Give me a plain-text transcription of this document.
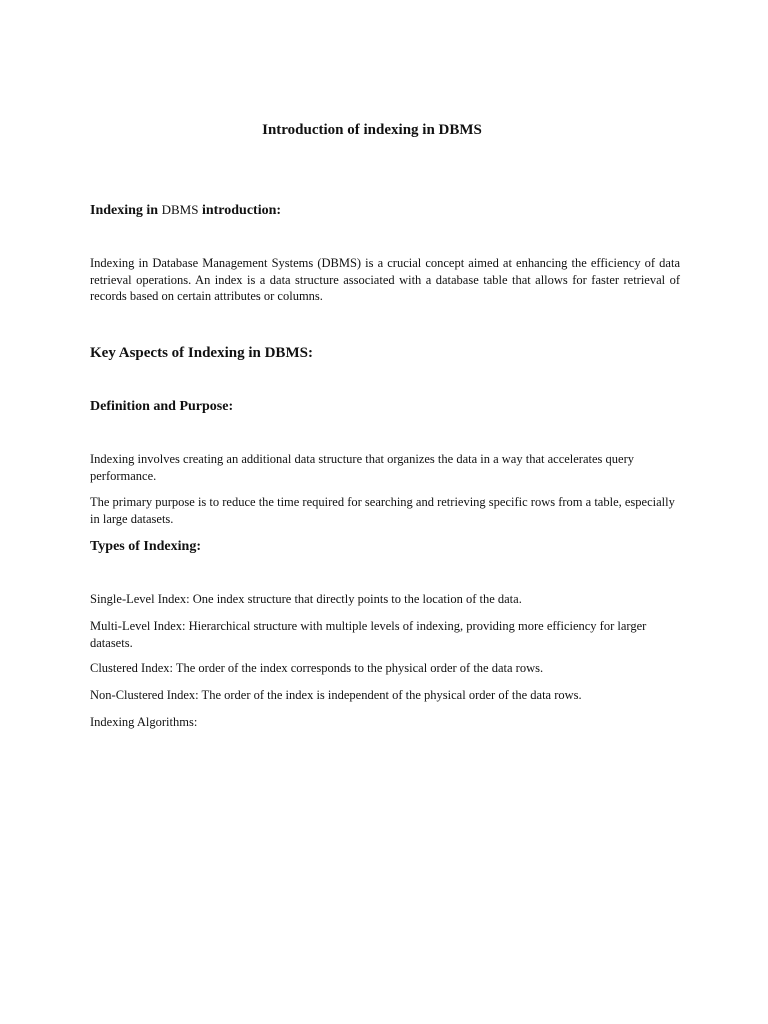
Introduction of indexing in DBMS
Indexing in DBMS introduction:

Indexing in Database Management Systems (DBMS) is a crucial concept aimed at enhancing the efficiency of data retrieval operations. An index is a data structure associated with a database table that allows for faster retrieval of records based on certain attributes or columns.

Key Aspects of Indexing in DBMS:
Definition and Purpose:

Indexing involves creating an additional data structure that organizes the data in a way that accelerates query performance.

The primary purpose is to reduce the time required for searching and retrieving specific rows from a table, especially in large datasets.

Types of Indexing:

Single-Level Index: One index structure that directly points to the location of the data.

Multi-Level Index: Hierarchical structure with multiple levels of indexing, providing more efficiency for larger datasets.

Clustered Index: The order of the index corresponds to the physical order of the data rows.

Non-Clustered Index: The order of the index is independent of the physical order of the data rows.

Indexing Algorithms:
